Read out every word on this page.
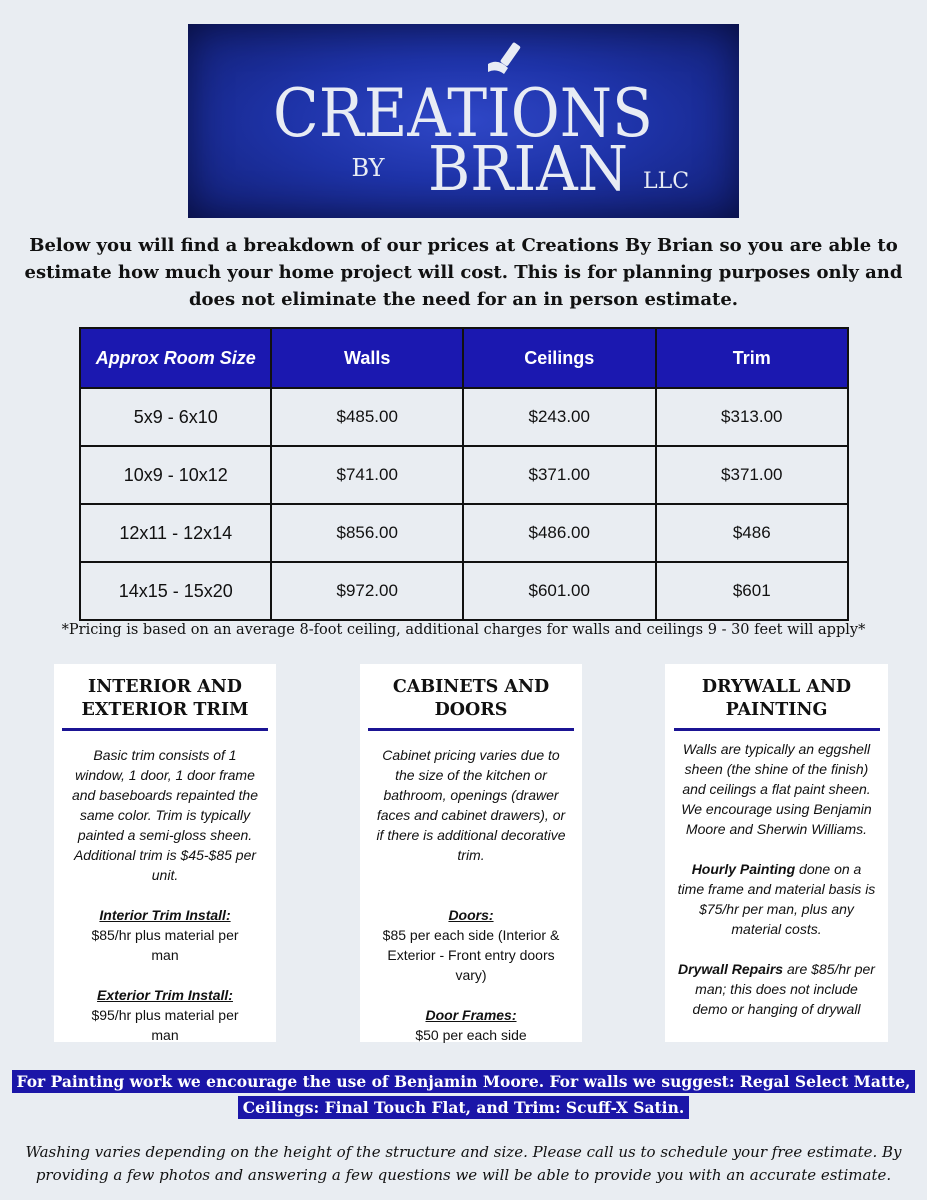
CREATIONS
BY BRIAN LLC
Below you will find a breakdown of our prices at Creations By Brian so you are able to estimate how much your home project will cost. This is for planning purposes only and does not eliminate the need for an in person estimate.
Approx Room Size	Walls	Ceilings	Trim
5x9 - 6x10	$485.00	$243.00	$313.00
10x9 - 10x12	$741.00	$371.00	$371.00
12x11 - 12x14	$856.00	$486.00	$486
14x15 - 15x20	$972.00	$601.00	$601
*Pricing is based on an average 8-foot ceiling, additional charges for walls and ceilings 9 - 30 feet will apply*
INTERIOR AND EXTERIOR TRIM

Basic trim consists of 1 window, 1 door, 1 door frame and baseboards repainted the same color. Trim is typically painted a semi-gloss sheen. Additional trim is $45-$85 per unit.

Interior Trim Install:

$85/hr plus material per man

Exterior Trim Install:

$95/hr plus material per man

CABINETS AND DOORS

Cabinet pricing varies due to the size of the kitchen or bathroom, openings (drawer faces and cabinet drawers), or if there is additional decorative trim.

Doors:

$85 per each side (Interior & Exterior - Front entry doors vary)

Door Frames:

$50 per each side

DRYWALL AND PAINTING

Walls are typically an eggshell sheen (the shine of the finish) and ceilings a flat paint sheen. We encourage using Benjamin Moore and Sherwin Williams.

Hourly Painting done on a time frame and material basis is $75/hr per man, plus any material costs.

Drywall Repairs are $85/hr per man; this does not include demo or hanging of drywall

For Painting work we encourage the use of Benjamin Moore. For walls we suggest: Regal Select Matte, Ceilings: Final Touch Flat, and Trim: Scuff-X Satin.
Washing varies depending on the height of the structure and size. Please call us to schedule your free estimate. By providing a few photos and answering a few questions we will be able to provide you with an accurate estimate.
